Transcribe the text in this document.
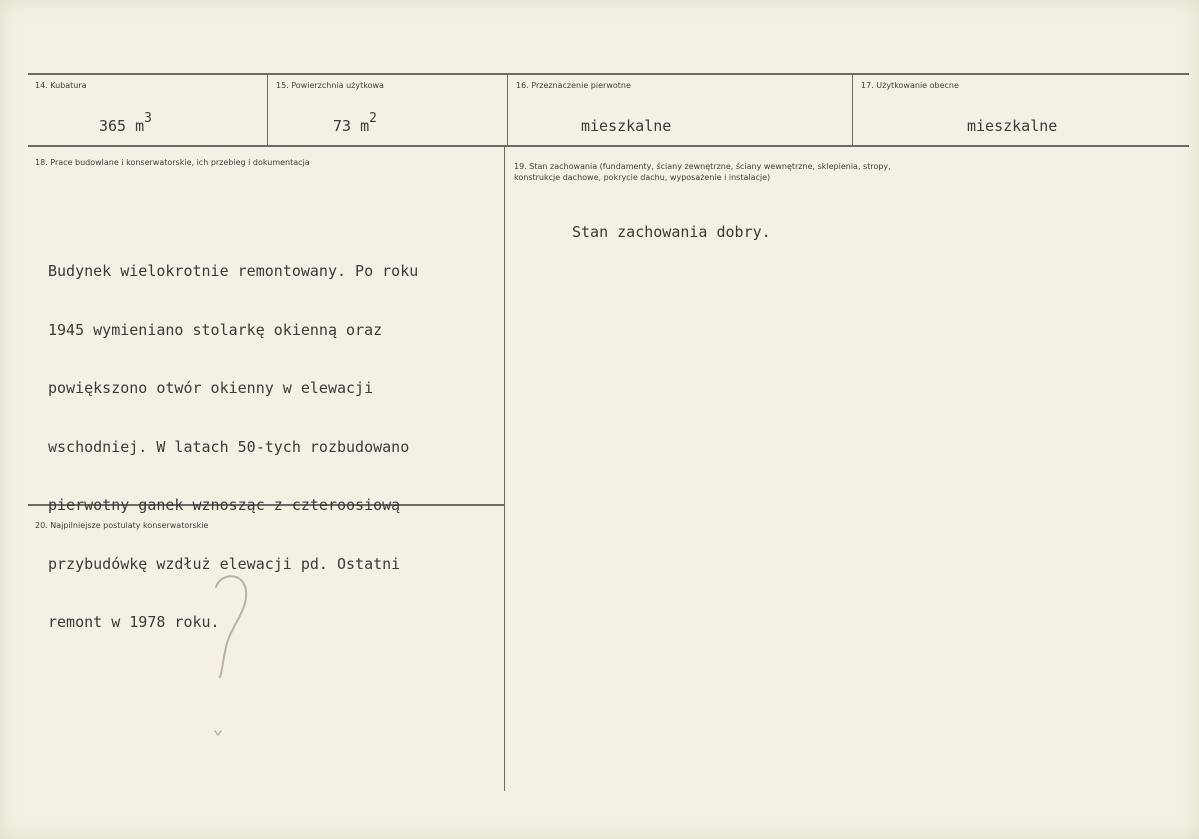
14. Kubatura
365 m3
15. Powierzchnia użytkowa
73 m2
16. Przeznaczenie pierwotne
mieszkalne
17. Użytkowanie obecne
mieszkalne
18. Prace budowlane i konserwatorskie, ich przebieg i dokumentacja

Budynek wielokrotnie remontowany. Po roku

1945 wymieniano stolarkę okienną oraz

powiększono otwór okienny w elewacji

wschodniej. W latach 50-tych rozbudowano

pierwotny ganek wznosząc z czteroosiową

przybudówkę wzdłuż elewacji pd. Ostatni

remont w 1978 roku.

19. Stan zachowania (fundamenty, ściany zewnętrzne, ściany wewnętrzne, sklepienia, stropy,
konstrukcje dachowe, pokrycie dachu, wyposażenie i instalacje)
Stan zachowania dobry.
20. Najpilniejsze postulaty konserwatorskie
